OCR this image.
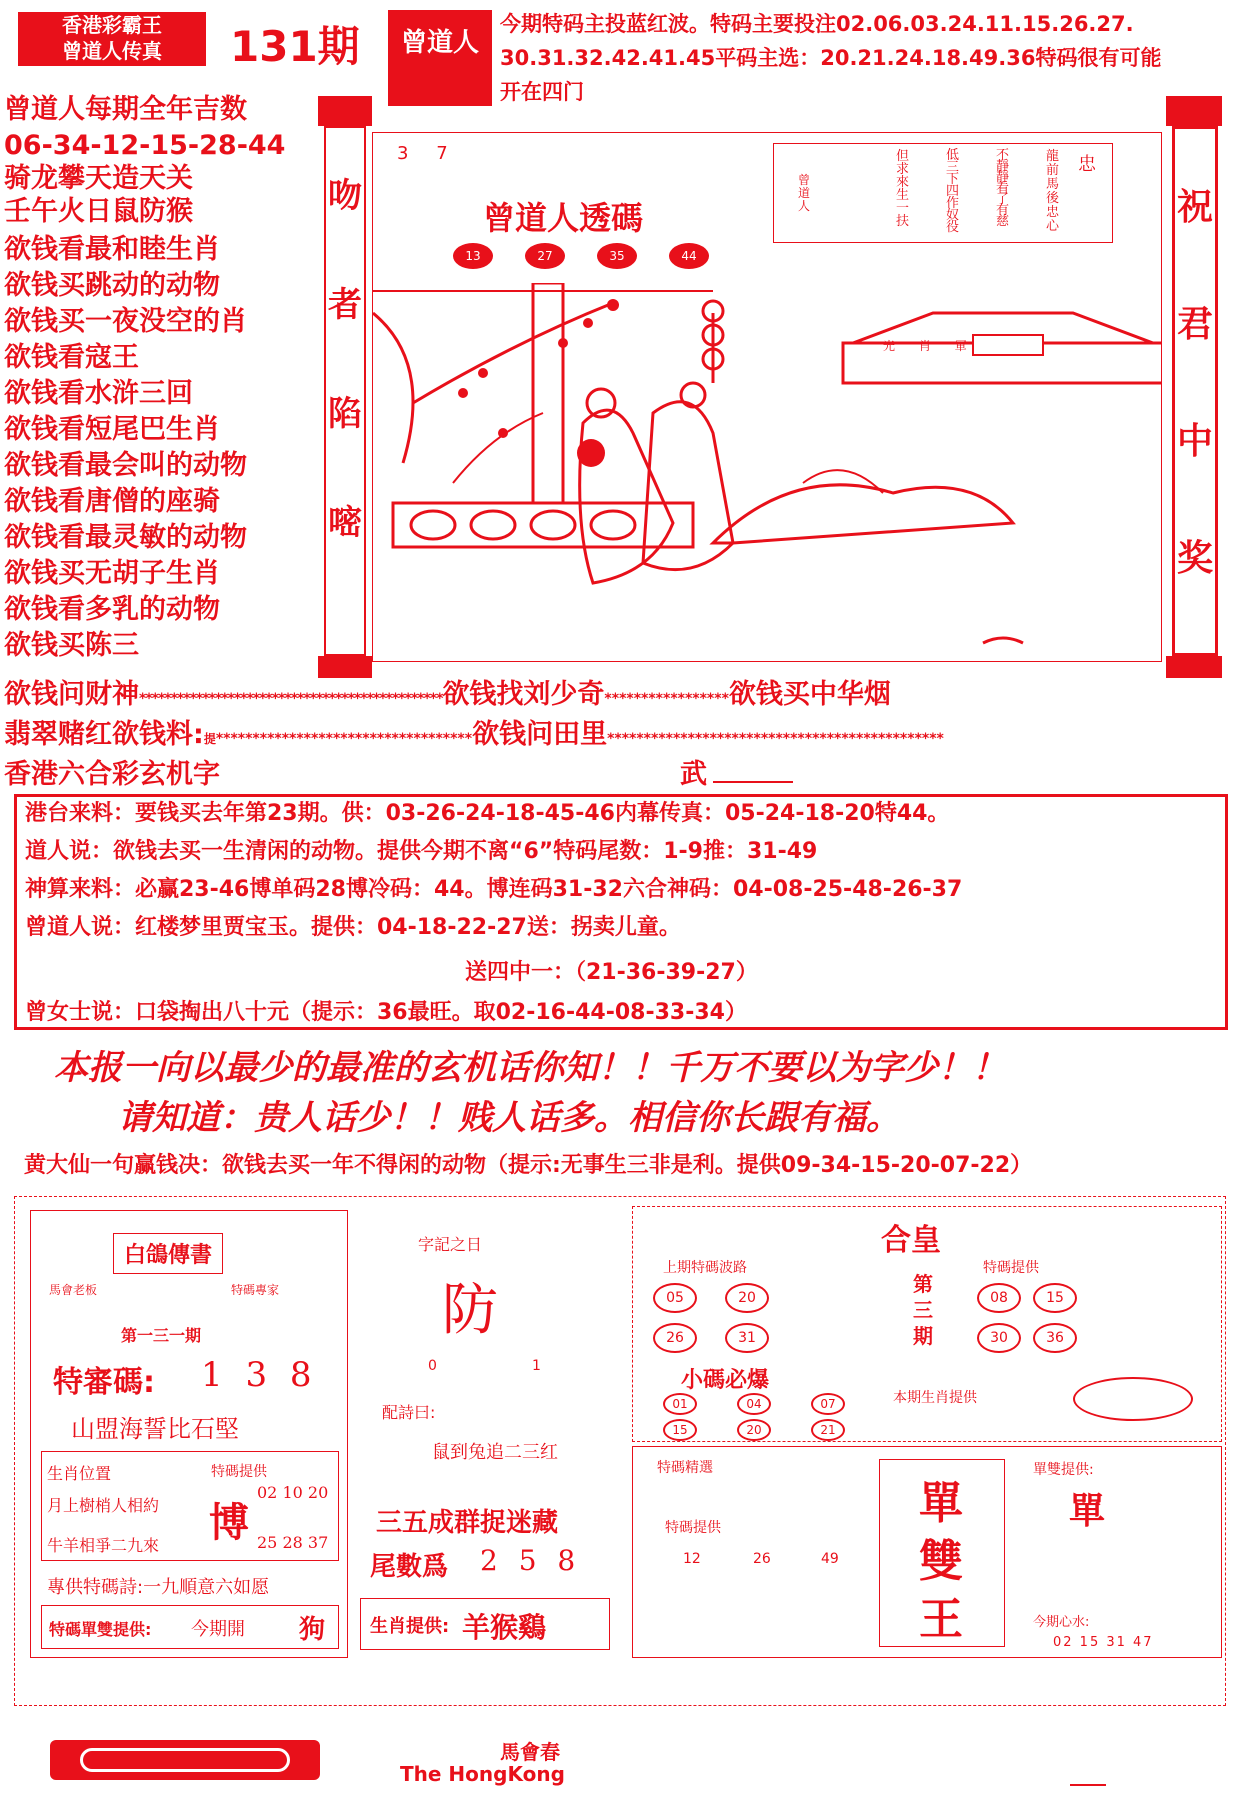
香港彩霸王
曾道人传真	131期	曾道人
今期特码主投蓝红波。特码主要投注02.06.03.24.11.15.26.27.
30.31.32.42.41.45平码主选：20.21.24.18.49.36特码很有可能
开在四门
曾道人每期全年吉数
06-34-12-15-28-44
骑龙攀天造天关
壬午火日鼠防猴
欲钱看最和睦生肖
欲钱买跳动的动物
欲钱买一夜没空的肖
欲钱看寇王
欲钱看水浒三回
欲钱看短尾巴生肖
欲钱看最会叫的动物
欲钱看唐僧的座骑
欲钱看最灵敏的动物
欲钱买无胡子生肖
欲钱看多乳的动物
欲钱买陈三
吻
者
陷
嘧
3 7
曾道人透碼
13	27	35	44
忠
龍前馬後忠心
不靜靜看了有慈
低三下四作奴役
但求來生一扶
曾道人
光 肖 軍
祝
君
中
奖
欲钱问财神************************************************欲钱找刘少奇*****************欲钱买中华烟
翡翠赌红欲钱料:提***********************************欲钱问田里**********************************************
香港六合彩玄机字	武
港台来料：要钱买去年第23期。供：03-26-24-18-45-46内幕传真：05-24-18-20特44。
道人说：欲钱去买一生清闲的动物。提供今期不离“6”特码尾数：1-9推：31-49
神算来料：必赢23-46博单码28博冷码：44。博连码31-32六合神码：04-08-25-48-26-37
曾道人说：红楼梦里贾宝玉。提供：04-18-22-27送：拐卖儿童。
送四中一：（21-36-39-27）
曾女士说：口袋掏出八十元（提示：36最旺。取02-16-44-08-33-34）
本报一向以最少的最准的玄机话你知！！千万不要以为字少！！
请知道：贵人话少！！贱人话多。相信你长跟有福。
黄大仙一句赢钱决：欲钱去买一年不得闲的动物（提示:无事生三非是利。提供09-34-15-20-07-22）
白鴿傳書
馬會老板	特碼專家
第一三一期
特審碼: 1 3 8
山盟海誓比石堅
生肖位置
月上樹梢人相約
牛羊相爭二九來
特碼提供
博
02 10 20
25 28 37
專供特碼詩:一九順意六如愿
特碼單雙提供: 今期開 狗
字記之日
防
0	1
配詩曰:
鼠到兔追二三红
三五成群捉迷藏
尾數爲 2 5 8
生肖提供: 羊猴鷄
合皇
上期特碼波路
05	20
26	31
第三期
特碼提供
08	15
30	36
小碼必爆
01	04	07
15	20	21
本期生肖提供
特碼精選
特碼提供
12	26	49
單
雙
王
單雙提供:
單
今期心水:
02 15 31 47
馬會春
The HongKong
